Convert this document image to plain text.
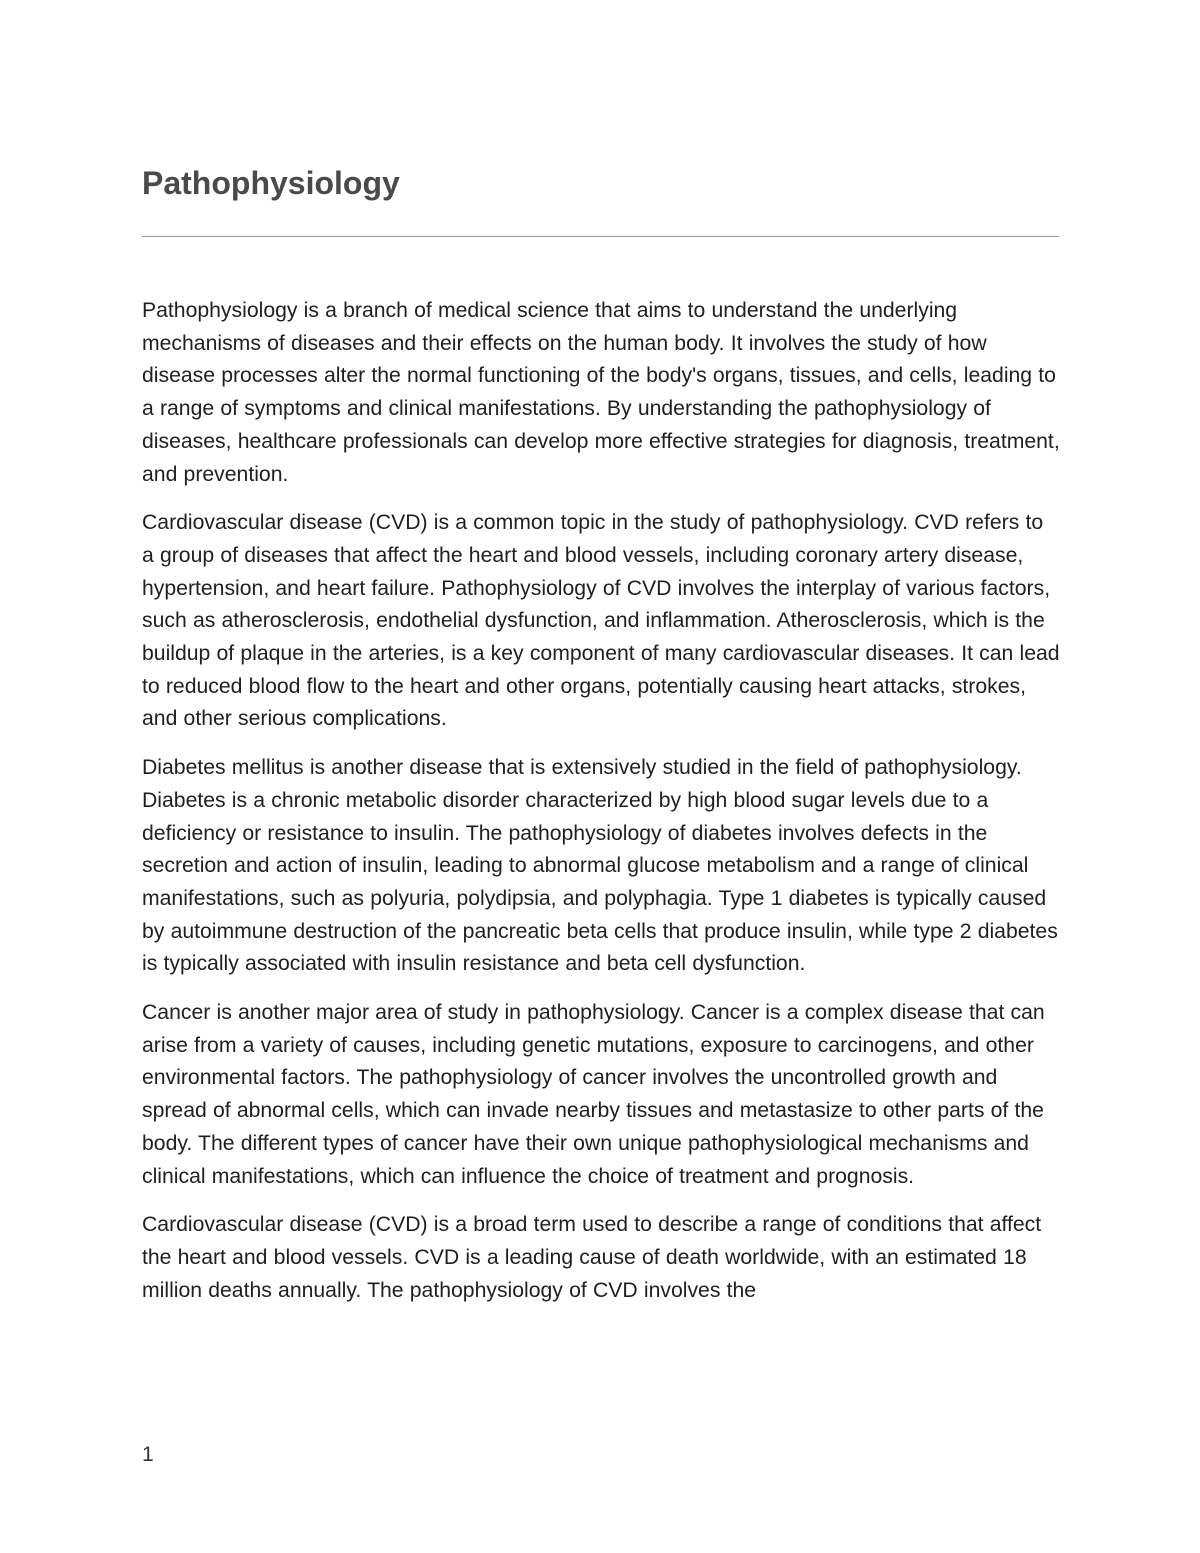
Pathophysiology

Pathophysiology is a branch of medical science that aims to understand the underlying mechanisms of diseases and their effects on the human body. It involves the study of how disease processes alter the normal functioning of the body's organs, tissues, and cells, leading to a range of symptoms and clinical manifestations. By understanding the pathophysiology of diseases, healthcare professionals can develop more effective strategies for diagnosis, treatment, and prevention.

Cardiovascular disease (CVD) is a common topic in the study of pathophysiology. CVD refers to a group of diseases that affect the heart and blood vessels, including coronary artery disease, hypertension, and heart failure. Pathophysiology of CVD involves the interplay of various factors, such as atherosclerosis, endothelial dysfunction, and inflammation. Atherosclerosis, which is the buildup of plaque in the arteries, is a key component of many cardiovascular diseases. It can lead to reduced blood flow to the heart and other organs, potentially causing heart attacks, strokes, and other serious complications.

Diabetes mellitus is another disease that is extensively studied in the field of pathophysiology. Diabetes is a chronic metabolic disorder characterized by high blood sugar levels due to a deficiency or resistance to insulin. The pathophysiology of diabetes involves defects in the secretion and action of insulin, leading to abnormal glucose metabolism and a range of clinical manifestations, such as polyuria, polydipsia, and polyphagia. Type 1 diabetes is typically caused by autoimmune destruction of the pancreatic beta cells that produce insulin, while type 2 diabetes is typically associated with insulin resistance and beta cell dysfunction.

Cancer is another major area of study in pathophysiology. Cancer is a complex disease that can arise from a variety of causes, including genetic mutations, exposure to carcinogens, and other environmental factors. The pathophysiology of cancer involves the uncontrolled growth and spread of abnormal cells, which can invade nearby tissues and metastasize to other parts of the body. The different types of cancer have their own unique pathophysiological mechanisms and clinical manifestations, which can influence the choice of treatment and prognosis.

Cardiovascular disease (CVD) is a broad term used to describe a range of conditions that affect the heart and blood vessels. CVD is a leading cause of death worldwide, with an estimated 18 million deaths annually. The pathophysiology of CVD involves the

1
